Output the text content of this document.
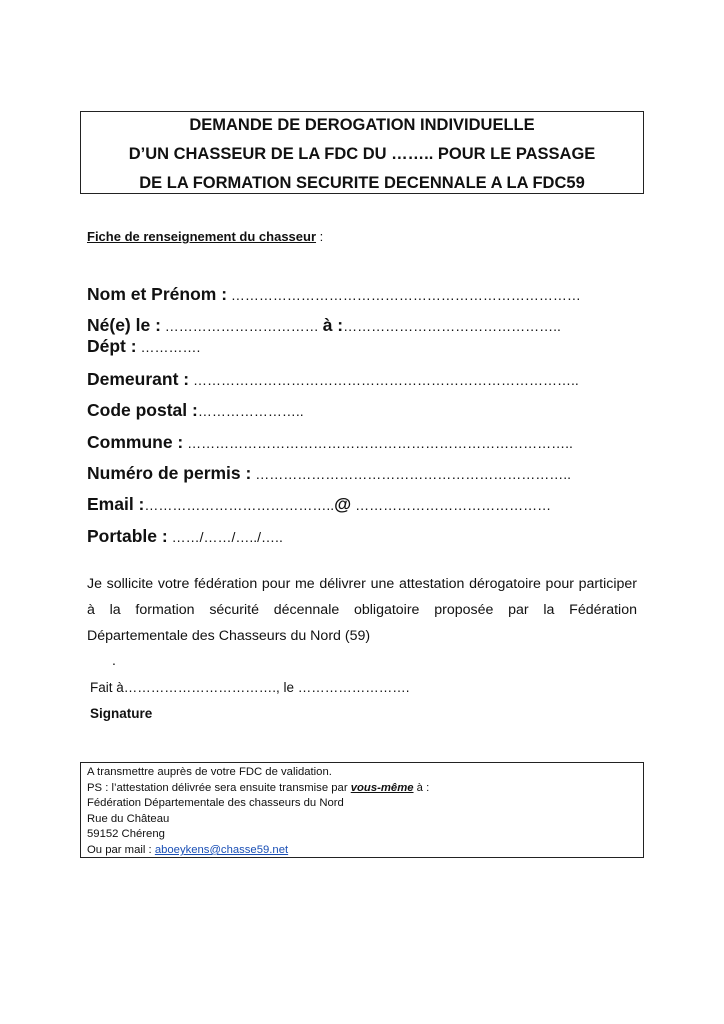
DEMANDE DE DEROGATION INDIVIDUELLE
D’UN CHASSEUR DE LA FDC DU …….. POUR LE PASSAGE
DE LA FORMATION SECURITE DECENNALE A LA FDC59
Fiche de renseignement du chasseur :
Nom et Prénom : …………………………………………………………………
Né(e) le : …………………………… à :………………………………………..
Dépt : ………….
Demeurant : ………………………………………………………………………..
Code postal :…………………..
Commune : ………………………………………………………………………..
Numéro de permis : …………………………………………………………..
Email :…………………………………..@ ……………………………………
Portable : ……/……/…../…..
Je sollicite votre fédération pour me délivrer une attestation dérogatoire pour participer
à la formation sécurité décennale obligatoire proposée par la Fédération
Départementale des Chasseurs du Nord (59)
.
Fait à……………………………., le …………………….
Signature
A transmettre auprès de votre FDC de validation.
PS : l’attestation délivrée sera ensuite transmise par vous-même à :
Fédération Départementale des chasseurs du Nord
Rue du Château
59152 Chéreng
Ou par mail : aboeykens@chasse59.net
